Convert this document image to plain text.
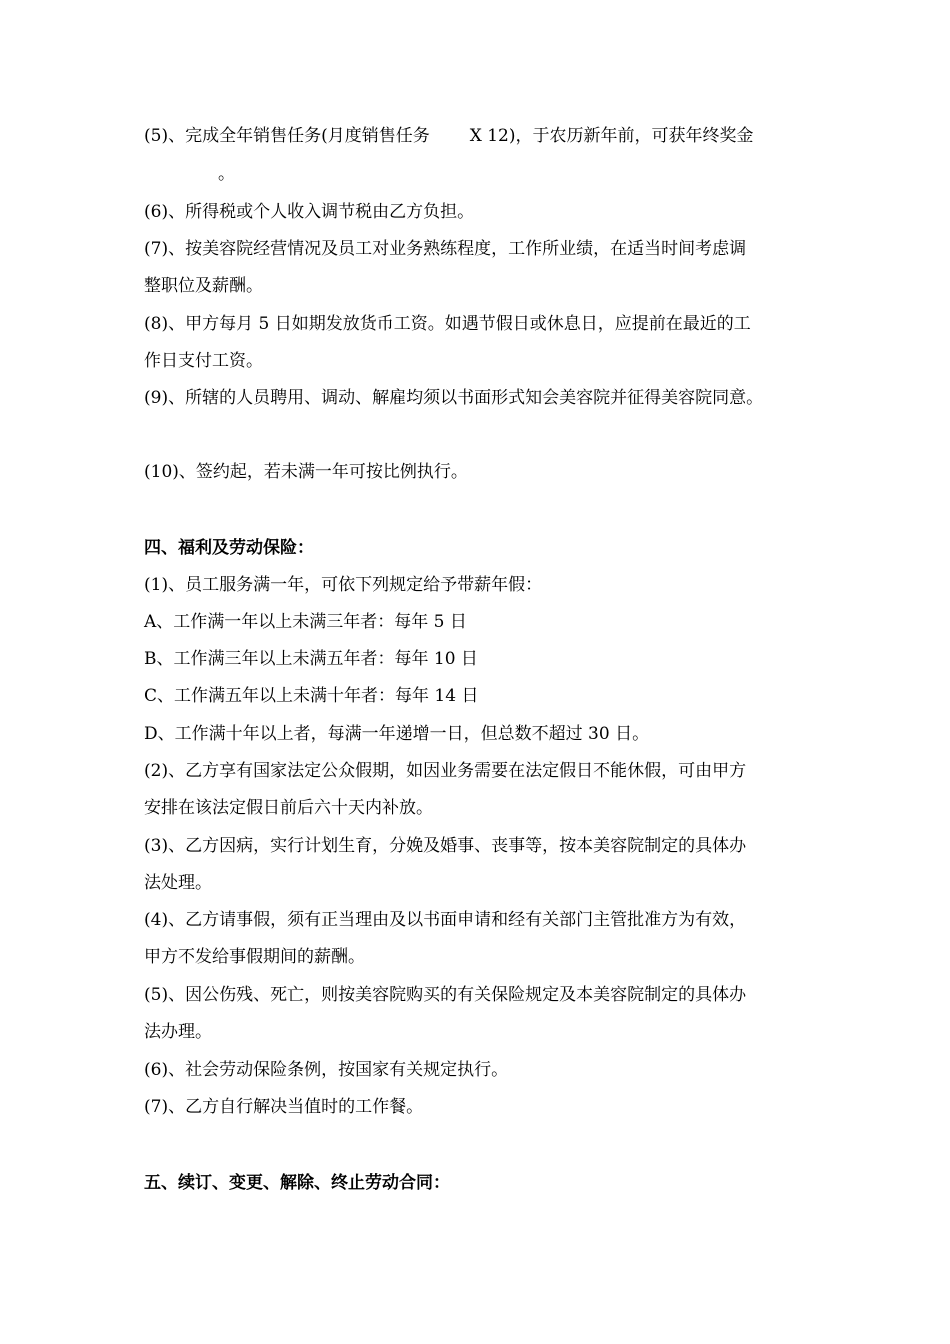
(5)、完成全年销售任务(月度销售任务 X 12)，于农历新年前，可获年终奖金
。
(6)、所得税或个人收入调节税由乙方负担。
(7)、按美容院经营情况及员工对业务熟练程度，工作所业绩，在适当时间考虑调
整职位及薪酬。
(8)、甲方每月 5 日如期发放货币工资。如遇节假日或休息日，应提前在最近的工
作日支付工资。
(9)、所辖的人员聘用、调动、解雇均须以书面形式知会美容院并征得美容院同意。
(10)、签约起，若未满一年可按比例执行。
四、福利及劳动保险：
(1)、员工服务满一年，可依下列规定给予带薪年假：
A、工作满一年以上未满三年者：每年 5 日
B、工作满三年以上未满五年者：每年 10 日
C、工作满五年以上未满十年者：每年 14 日
D、工作满十年以上者，每满一年递增一日，但总数不超过 30 日。
(2)、乙方享有国家法定公众假期，如因业务需要在法定假日不能休假，可由甲方
安排在该法定假日前后六十天内补放。
(3)、乙方因病，实行计划生育，分娩及婚事、丧事等，按本美容院制定的具体办
法处理。
(4)、乙方请事假，须有正当理由及以书面申请和经有关部门主管批准方为有效，
甲方不发给事假期间的薪酬。
(5)、因公伤残、死亡，则按美容院购买的有关保险规定及本美容院制定的具体办
法办理。
(6)、社会劳动保险条例，按国家有关规定执行。
(7)、乙方自行解决当值时的工作餐。
五、续订、变更、解除、终止劳动合同：
